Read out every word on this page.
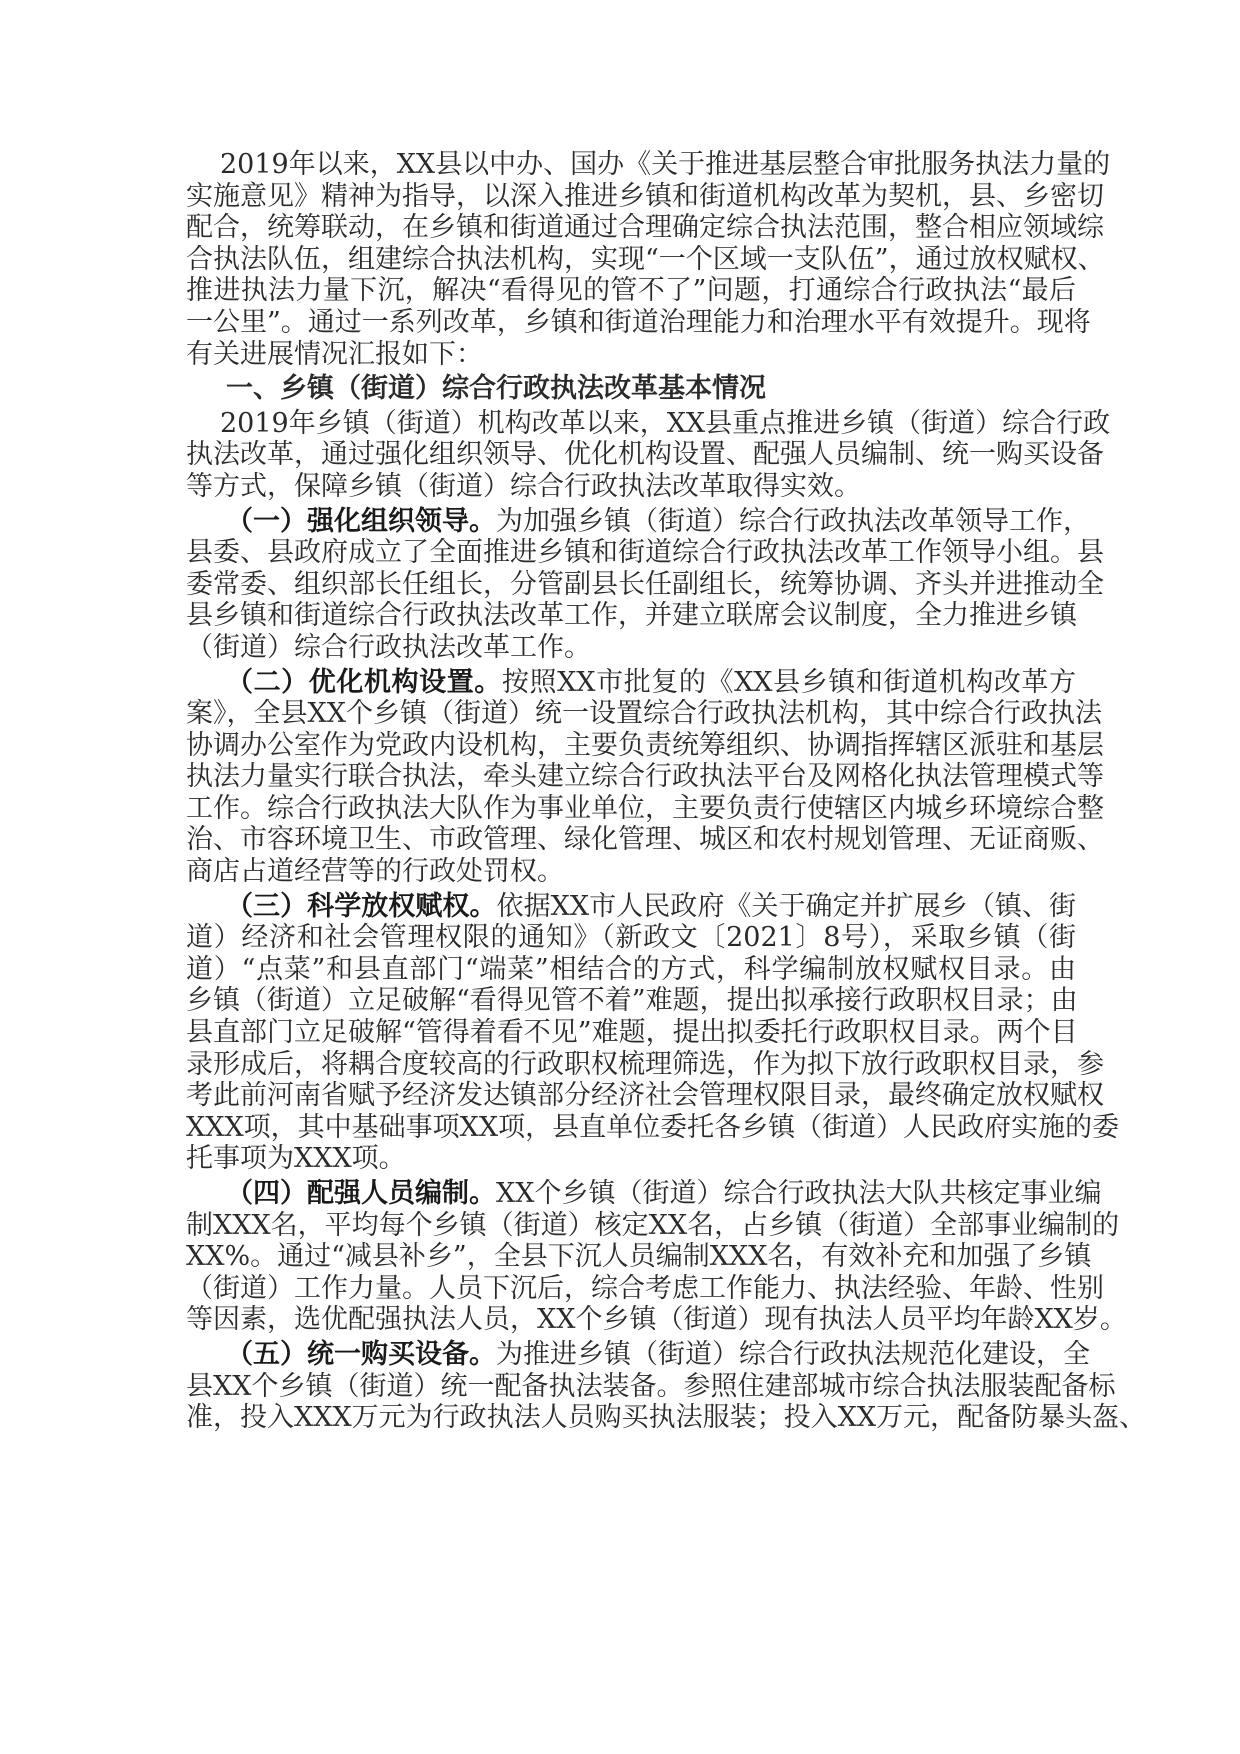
2019年以来，XX县以中办、国办《关于推进基层整合审批服务执法力量的
实施意见》精神为指导，以深入推进乡镇和街道机构改革为契机，县、乡密切
配合，统筹联动，在乡镇和街道通过合理确定综合执法范围，整合相应领域综
合执法队伍，组建综合执法机构，实现“一个区域一支队伍”，通过放权赋权、
推进执法力量下沉，解决“看得见的管不了”问题，打通综合行政执法“最后
一公里”。通过一系列改革，乡镇和街道治理能力和治理水平有效提升。现将
有关进展情况汇报如下：
一、乡镇（街道）综合行政执法改革基本情况
2019年乡镇（街道）机构改革以来，XX县重点推进乡镇（街道）综合行政
执法改革，通过强化组织领导、优化机构设置、配强人员编制、统一购买设备
等方式，保障乡镇（街道）综合行政执法改革取得实效。
（一）强化组织领导。为加强乡镇（街道）综合行政执法改革领导工作，
县委、县政府成立了全面推进乡镇和街道综合行政执法改革工作领导小组。县
委常委、组织部长任组长，分管副县长任副组长，统筹协调、齐头并进推动全
县乡镇和街道综合行政执法改革工作，并建立联席会议制度，全力推进乡镇
（街道）综合行政执法改革工作。
（二）优化机构设置。按照XX市批复的《XX县乡镇和街道机构改革方
案》，全县XX个乡镇（街道）统一设置综合行政执法机构，其中综合行政执法
协调办公室作为党政内设机构，主要负责统筹组织、协调指挥辖区派驻和基层
执法力量实行联合执法，牵头建立综合行政执法平台及网格化执法管理模式等
工作。综合行政执法大队作为事业单位，主要负责行使辖区内城乡环境综合整
治、市容环境卫生、市政管理、绿化管理、城区和农村规划管理、无证商贩、
商店占道经营等的行政处罚权。
（三）科学放权赋权。依据XX市人民政府《关于确定并扩展乡（镇、街
道）经济和社会管理权限的通知》（新政文〔2021〕8号），采取乡镇（街
道）“点菜”和县直部门“端菜”相结合的方式，科学编制放权赋权目录。由
乡镇（街道）立足破解“看得见管不着”难题，提出拟承接行政职权目录；由
县直部门立足破解“管得着看不见”难题，提出拟委托行政职权目录。两个目
录形成后，将耦合度较高的行政职权梳理筛选，作为拟下放行政职权目录，参
考此前河南省赋予经济发达镇部分经济社会管理权限目录，最终确定放权赋权
XXX项，其中基础事项XX项，县直单位委托各乡镇（街道）人民政府实施的委
托事项为XXX项。
（四）配强人员编制。XX个乡镇（街道）综合行政执法大队共核定事业编
制XXX名，平均每个乡镇（街道）核定XX名，占乡镇（街道）全部事业编制的
XX%。通过“减县补乡”，全县下沉人员编制XXX名，有效补充和加强了乡镇
（街道）工作力量。人员下沉后，综合考虑工作能力、执法经验、年龄、性别
等因素，选优配强执法人员，XX个乡镇（街道）现有执法人员平均年龄XX岁。
（五）统一购买设备。为推进乡镇（街道）综合行政执法规范化建设，全
县XX个乡镇（街道）统一配备执法装备。参照住建部城市综合执法服装配备标
准，投入XXX万元为行政执法人员购买执法服装；投入XX万元，配备防暴头盔、
